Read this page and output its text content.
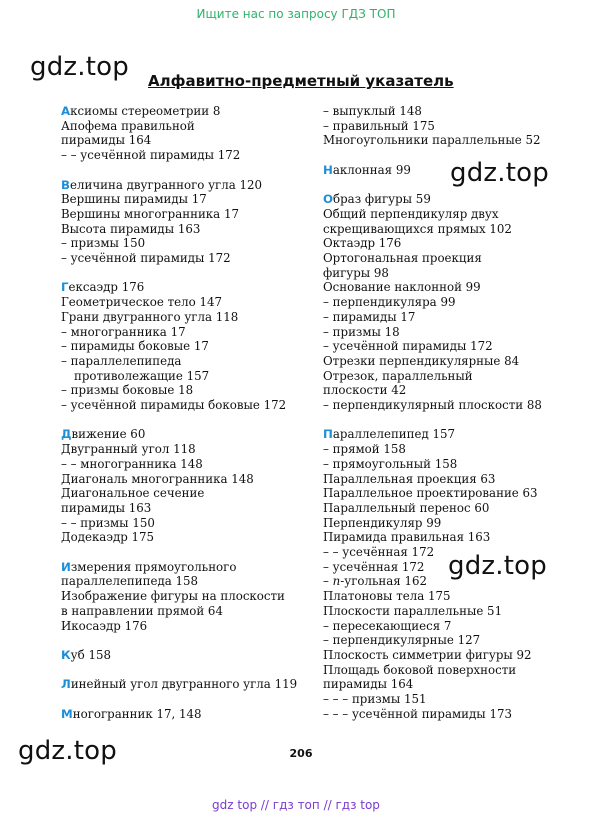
Ищите нас по запросу ГДЗ ТОП
gdz.top
gdz.top
gdz.top
gdz.top
Алфавитно-предметный указатель
Аксиомы стереометрии 8
Апофема правильной
пирамиды 164
– – усечённой пирамиды 172
Величина двугранного угла 120
Вершины пирамиды 17
Вершины многогранника 17
Высота пирамиды 163
– призмы 150
– усечённой пирамиды 172
Гексаэдр 176
Геометрическое тело 147
Грани двугранного угла 118
– многогранника 17
– пирамиды боковые 17
– параллелепипеда
противолежащие 157
– призмы боковые 18
– усечённой пирамиды боковые 172
Движение 60
Двугранный угол 118
– – многогранника 148
Диагональ многогранника 148
Диагональное сечение
пирамиды 163
– – призмы 150
Додекаэдр 175
Измерения прямоугольного
параллелепипеда 158
Изображение фигуры на плоскости
в направлении прямой 64
Икосаэдр 176
Куб 158
Линейный угол двугранного угла 119
Многогранник 17, 148
– выпуклый 148
– правильный 175
Многоугольники параллельные 52
Наклонная 99
Образ фигуры 59
Общий перпендикуляр двух
скрещивающихся прямых 102
Октаэдр 176
Ортогональная проекция
фигуры 98
Основание наклонной 99
– перпендикуляра 99
– пирамиды 17
– призмы 18
– усечённой пирамиды 172
Отрезки перпендикулярные 84
Отрезок, параллельный
плоскости 42
– перпендикулярный плоскости 88
Параллелепипед 157
– прямой 158
– прямоугольный 158
Параллельная проекция 63
Параллельное проектирование 63
Параллельный перенос 60
Перпендикуляр 99
Пирамида правильная 163
– – усечённая 172
– усечённая 172
– n-угольная 162
Платоновы тела 175
Плоскости параллельные 51
– пересекающиеся 7
– перпендикулярные 127
Плоскость симметрии фигуры 92
Площадь боковой поверхности
пирамиды 164
– – – призмы 151
– – – усечённой пирамиды 173
206
gdz top // гдз топ // гдз top
